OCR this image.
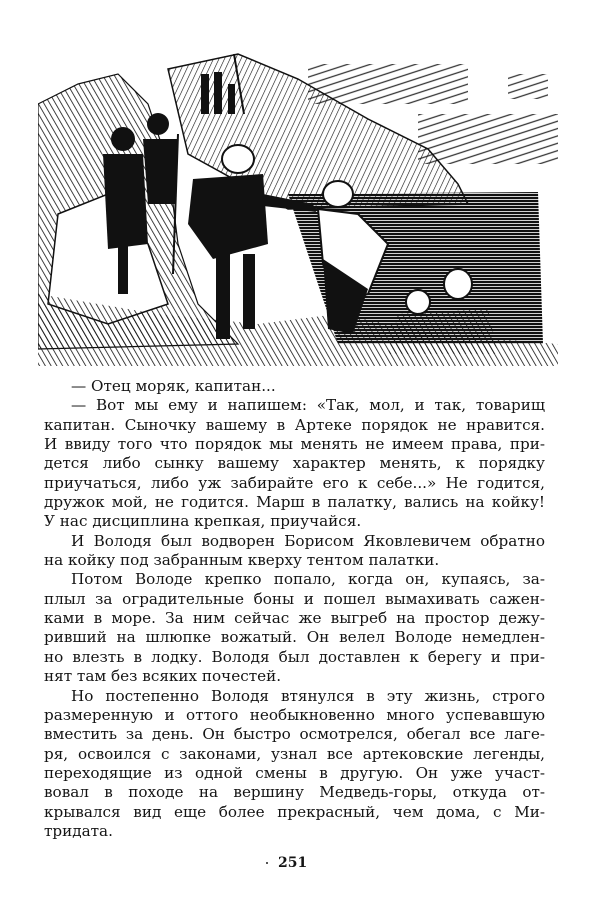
— Отец моряк, капитан...
— Вот мы ему и напишем: «Так, мол, и так, товарищ
капитан. Сыночку вашему в Артеке порядок не нравится.
И ввиду того что порядок мы менять не имеем права, при-
дется либо сынку вашему характер менять, к порядку
приучаться, либо уж забирайте его к себе...» Не годится,
дружок мой, не годится. Марш в палатку, вались на койку!
У нас дисциплина крепкая, приучайся.
И Володя был водворен Борисом Яковлевичем обратно
на койку под забранным кверху тентом палатки.
Потом Володе крепко попало, когда он, купаясь, за-
плыл за оградительные боны и пошел вымахивать сажен-
ками в море. За ним сейчас же выгреб на простор дежу-
ривший на шлюпке вожатый. Он велел Володе немедлен-
но влезть в лодку. Володя был доставлен к берегу и при-
нят там без всяких почестей.
Но постепенно Володя втянулся в эту жизнь, строго
размеренную и оттого необыкновенно много успевавшую
вместить за день. Он быстро осмотрелся, обегал все лаге-
ря, освоился с законами, узнал все артековские легенды,
переходящие из одной смены в другую. Он уже участ-
вовал в походе на вершину Медведь-горы, откуда от-
крывался вид еще более прекрасный, чем дома, с Ми-
тридата.
251
